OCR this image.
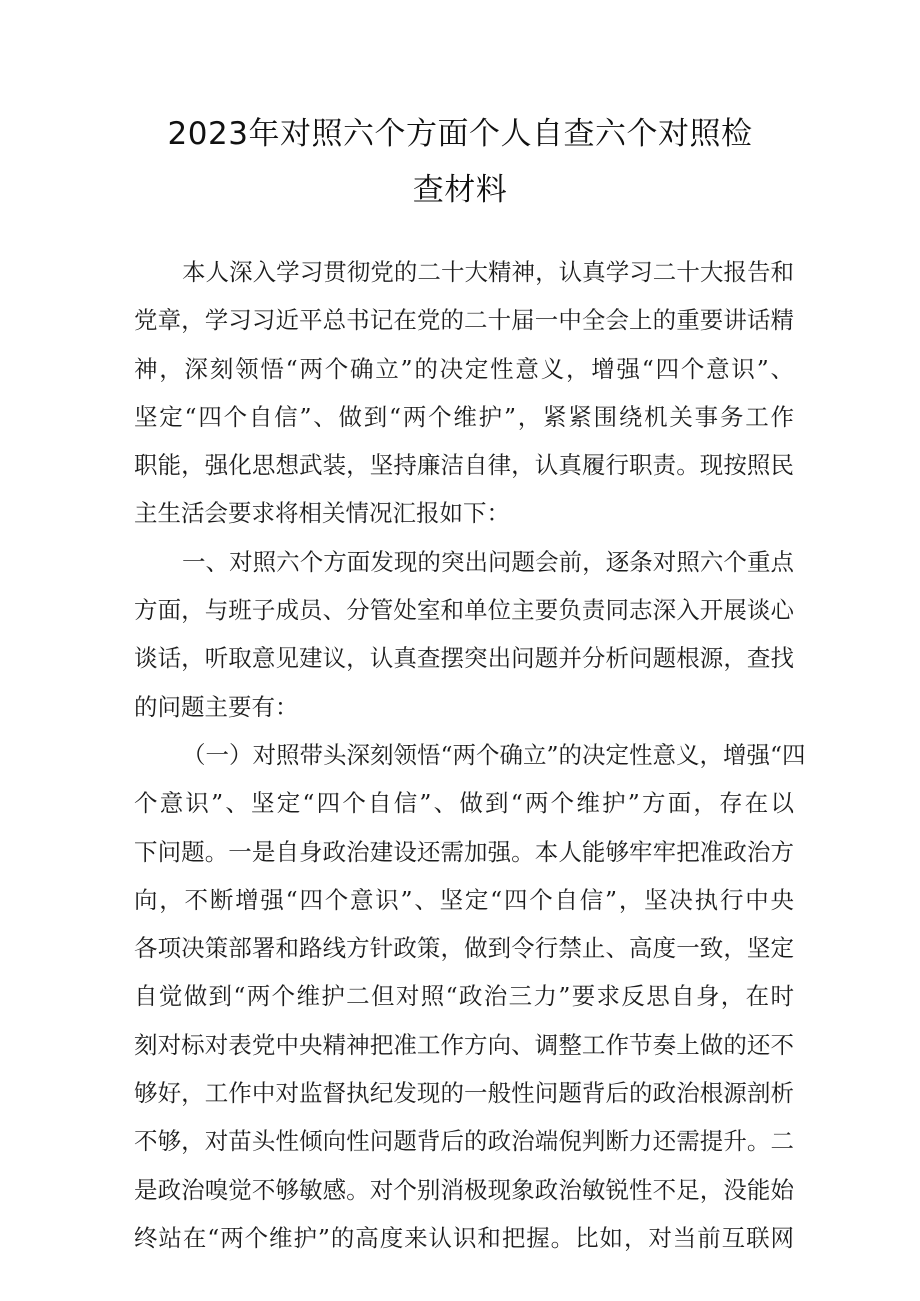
2023年对照六个方面个人自查六个对照检
查材料
本人深入学习贯彻党的二十大精神，认真学习二十大报告和
党章，学习习近平总书记在党的二十届一中全会上的重要讲话精
神，深刻领悟“两个确立”的决定性意义，增强“四个意识”、
坚定“四个自信”、做到“两个维护”，紧紧围绕机关事务工作
职能，强化思想武装，坚持廉洁自律，认真履行职责。现按照民
主生活会要求将相关情况汇报如下：
一、对照六个方面发现的突出问题会前，逐条对照六个重点
方面，与班子成员、分管处室和单位主要负责同志深入开展谈心
谈话，听取意见建议，认真查摆突出问题并分析问题根源，查找
的问题主要有：
（一）对照带头深刻领悟“两个确立”的决定性意义，增强“四
个意识”、坚定“四个自信”、做到“两个维护”方面，存在以
下问题。一是自身政治建设还需加强。本人能够牢牢把准政治方
向，不断增强“四个意识”、坚定“四个自信”，坚决执行中央
各项决策部署和路线方针政策，做到令行禁止、高度一致，坚定
自觉做到“两个维护二但对照“政治三力”要求反思自身，在时
刻对标对表党中央精神把准工作方向、调整工作节奏上做的还不
够好，工作中对监督执纪发现的一般性问题背后的政治根源剖析
不够，对苗头性倾向性问题背后的政治端倪判断力还需提升。二
是政治嗅觉不够敏感。对个别消极现象政治敏锐性不足，没能始
终站在“两个维护”的高度来认识和把握。比如，对当前互联网
